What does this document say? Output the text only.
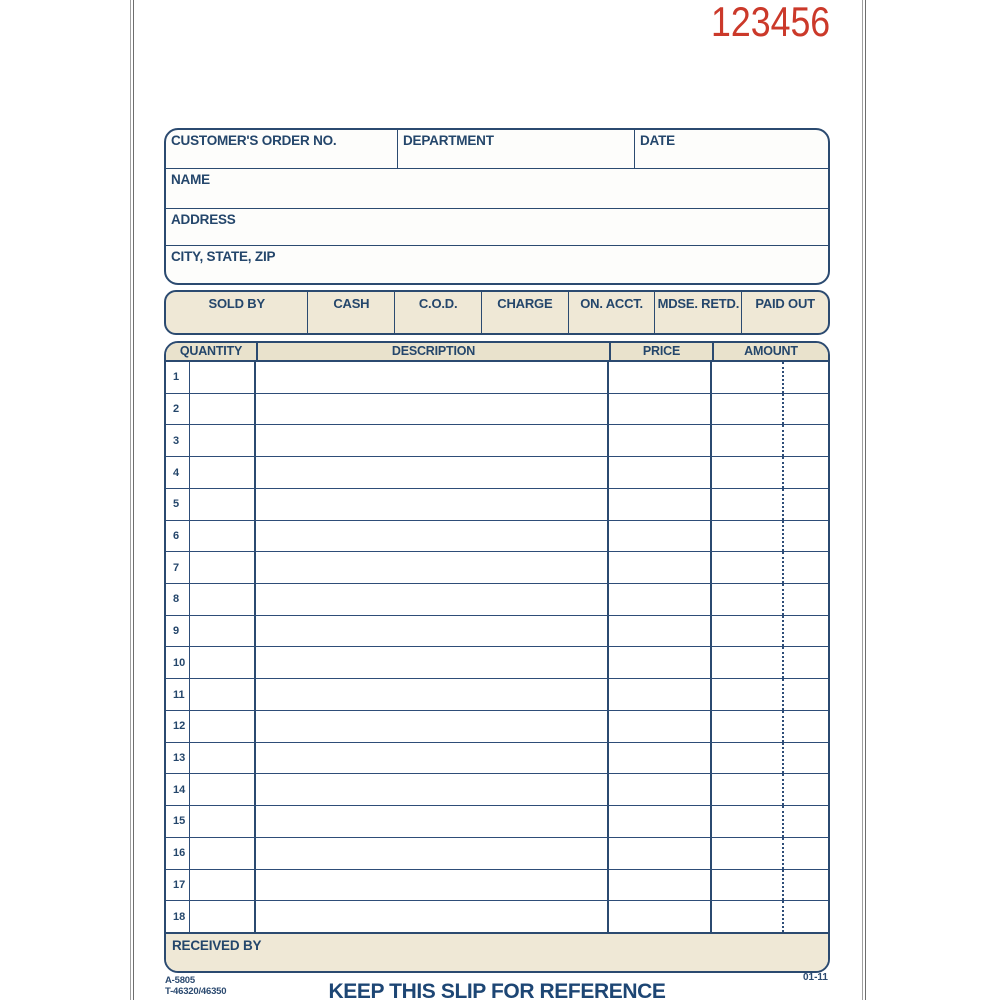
123456
CUSTOMER'S ORDER NO.	DEPARTMENT	DATE
NAME
ADDRESS
CITY, STATE, ZIP
SOLD BY	CASH	C.O.D.	CHARGE	ON. ACCT.	MDSE. RETD.	PAID OUT
QUANTITY	DESCRIPTION	PRICE	AMOUNT
1
2
3
4
5
6
7
8
9
10
11
12
13
14
15
16
17
18
RECEIVED BY
A-5805
T-46320/46350	KEEP THIS SLIP FOR REFERENCE
01-11
